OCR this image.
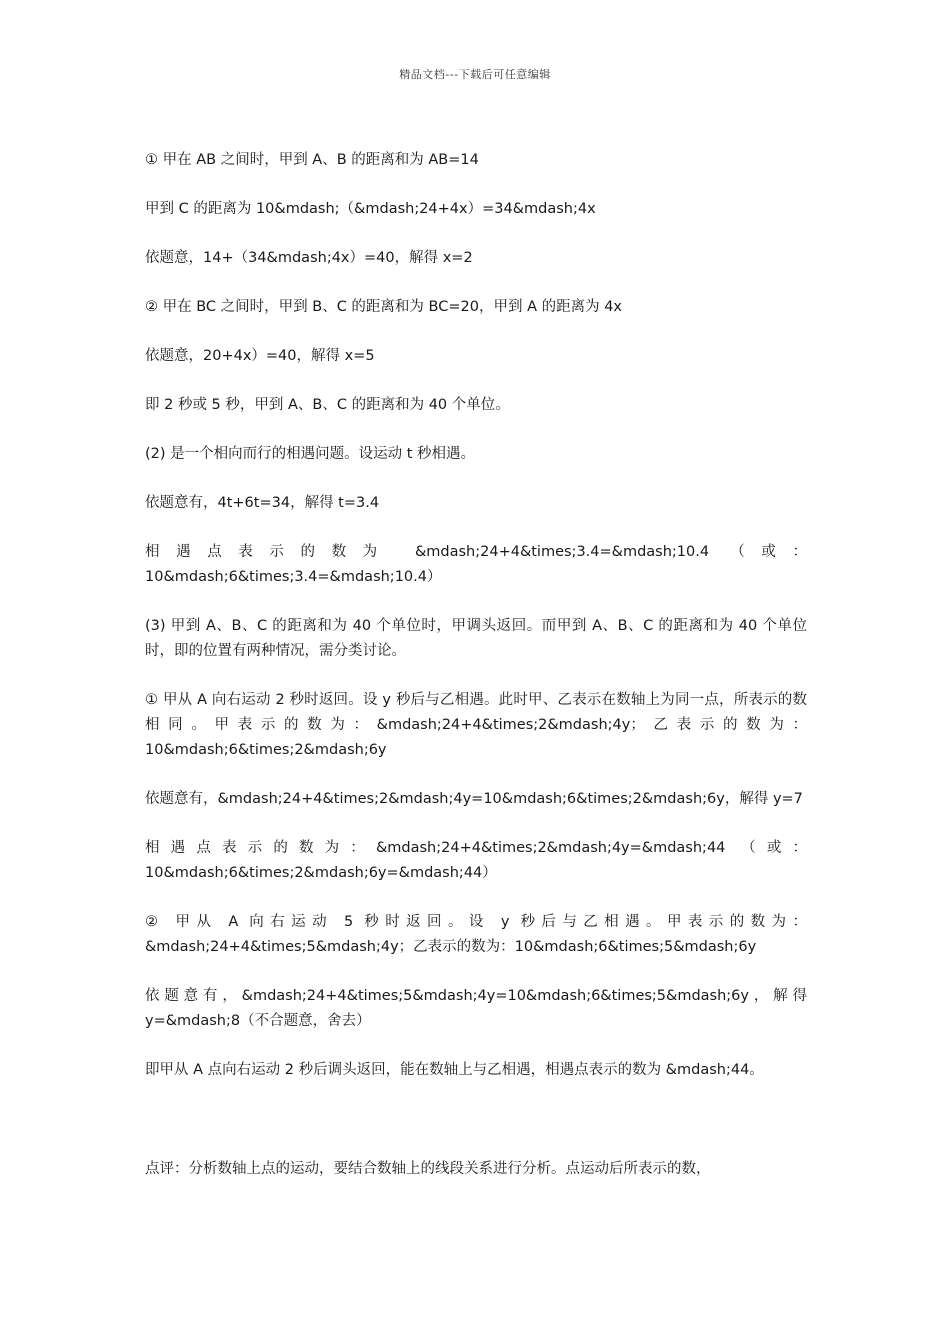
精品文档---下载后可任意编辑

① 甲在 AB 之间时，甲到 A、B 的距离和为 AB=14

甲到 C 的距离为 10&mdash;（&mdash;24+4x）=34&mdash;4x

依题意，14+（34&mdash;4x）=40，解得 x=2

② 甲在 BC 之间时，甲到 B、C 的距离和为 BC=20，甲到 A 的距离为 4x

依题意，20+4x）=40，解得 x=5

即 2 秒或 5 秒，甲到 A、B、C 的距离和为 40 个单位。

(2) 是一个相向而行的相遇问题。设运动 t 秒相遇。

依题意有，4t+6t=34，解得 t=3.4

相遇点表示的数为 &mdash;24+4&times;3.4=&mdash;10.4 （或：10&mdash;6&times;3.4=&mdash;10.4）

(3) 甲到 A、B、C 的距离和为 40 个单位时，甲调头返回。而甲到 A、B、C 的距离和为 40 个单位时，即的位置有两种情况，需分类讨论。

① 甲从 A 向右运动 2 秒时返回。设 y 秒后与乙相遇。此时甲、乙表示在数轴上为同一点，所表示的数相同。甲表示的数为：&mdash;24+4&times;2&mdash;4y；乙表示的数为：10&mdash;6&times;2&mdash;6y

依题意有，&mdash;24+4&times;2&mdash;4y=10&mdash;6&times;2&mdash;6y，解得 y=7

相遇点表示的数为：&mdash;24+4&times;2&mdash;4y=&mdash;44 （或：10&mdash;6&times;2&mdash;6y=&mdash;44）

② 甲从 A 向右运动 5 秒时返回。设 y 秒后与乙相遇。甲表示的数为：&mdash;24+4&times;5&mdash;4y；乙表示的数为：10&mdash;6&times;5&mdash;6y

依题意有，&mdash;24+4&times;5&mdash;4y=10&mdash;6&times;5&mdash;6y，解得 y=&mdash;8（不合题意，舍去）

即甲从 A 点向右运动 2 秒后调头返回，能在数轴上与乙相遇，相遇点表示的数为 &mdash;44。

点评：分析数轴上点的运动，要结合数轴上的线段关系进行分析。点运动后所表示的数，
